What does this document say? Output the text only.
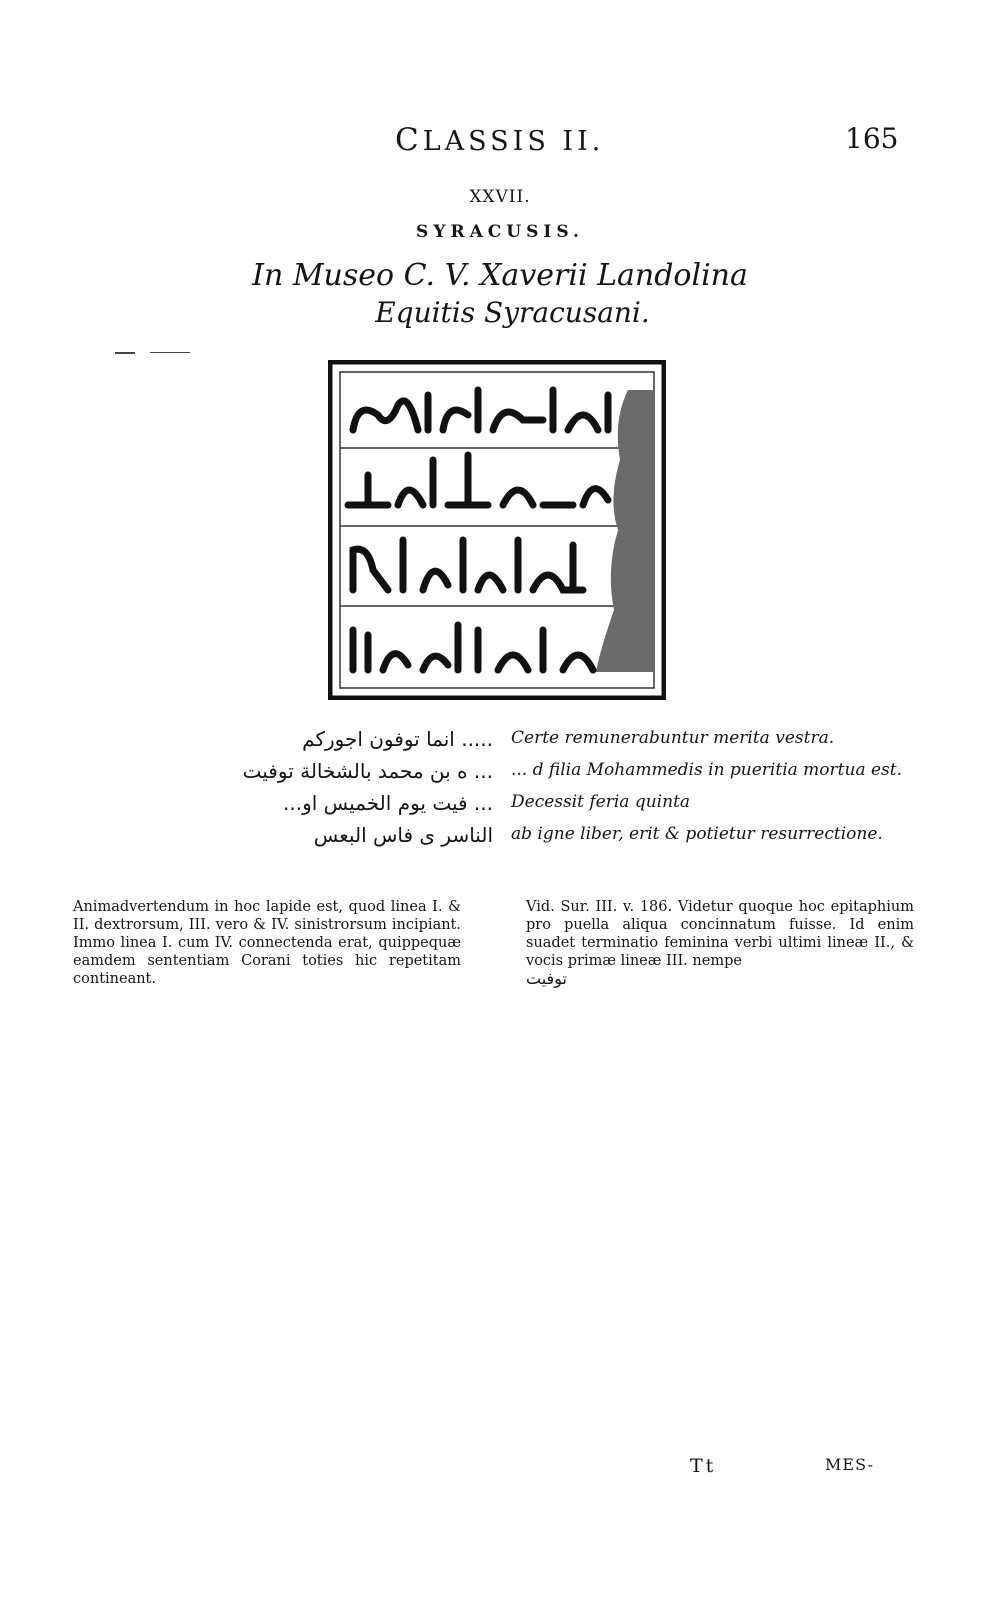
CLASSIS II.	165
XXVII.
SYRACUSIS.
In Museo C. V. Xaverii Landolina
Equitis Syracusani.
..... انما توفون اجوركم
... ه بن محمد بالشخالة توفيت
... فيت يوم الخميس او...
الناسر ى فاس البعس
Certe remunerabuntur merita vestra.
... d filia Mohammedis in pueritia mortua est.
Decessit feria quinta
ab igne liber, erit & potietur resurrectione.
Animadvertendum in hoc lapide est, quod linea I. & II. dextrorsum, III. vero & IV. sinistrorsum incipiant. Immo linea I. cum IV. connectenda erat, quippequæ eamdem sententiam Corani toties hic repetitam contineant.
Vid. Sur. III. v. 186. Videtur quoque hoc epitaphium pro puella aliqua concinnatum fuisse. Id enim suadet terminatio feminina verbi ultimi lineæ II., & vocis primæ lineæ III. nempe
توفيت
Tt	MES-
